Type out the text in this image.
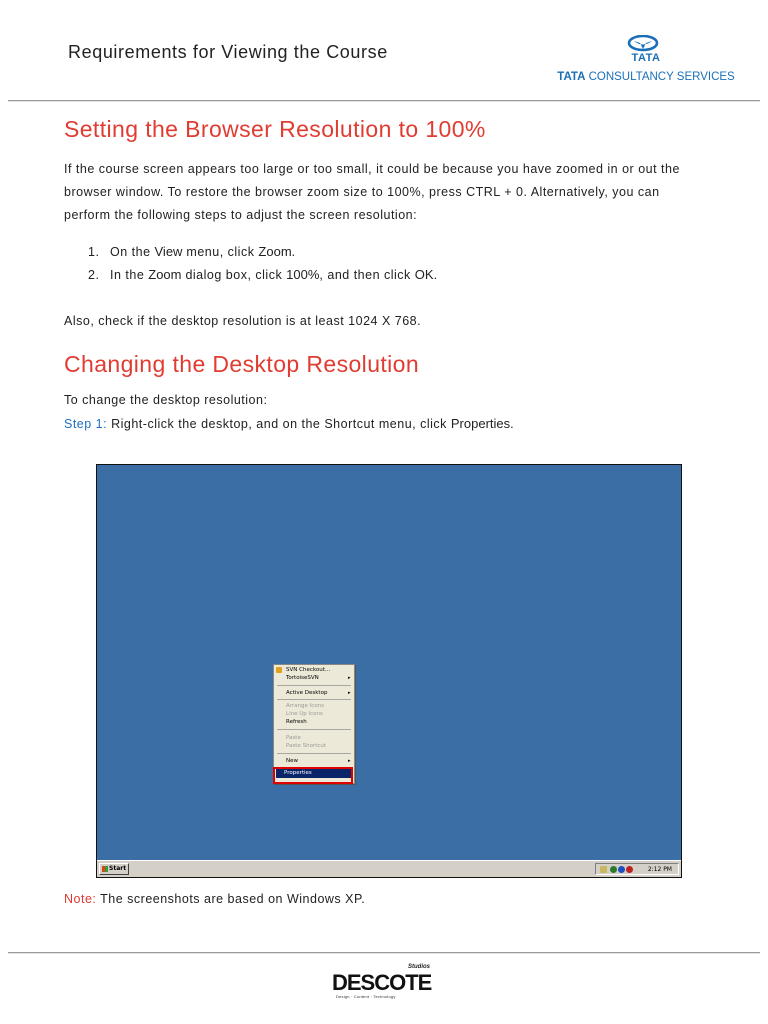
Requirements for Viewing the Course	TATA
TATA CONSULTANCY SERVICES
Setting the Browser Resolution to 100%
If the course screen appears too large or too small, it could be because you have zoomed in or out the browser window. To restore the browser zoom size to 100%, press CTRL + 0. Alternatively, you can perform the following steps to adjust the screen resolution:
1. On the View menu, click Zoom.
2. In the Zoom dialog box, click 100%, and then click OK.
Also, check if the desktop resolution is at least 1024 X 768.
Changing the Desktop Resolution
To change the desktop resolution:
Step 1: Right-click the desktop, and on the Shortcut menu, click Properties.
SVN Checkout...
TortoiseSVN	▸
Active Desktop	▸
Arrange Icons
Line Up Icons
Refresh
Paste
Paste Shortcut
New	▸
Properties
Start	2:12 PM
Note: The screenshots are based on Windows XP.
Studios
DESCOTE
Design · Content · Technology
